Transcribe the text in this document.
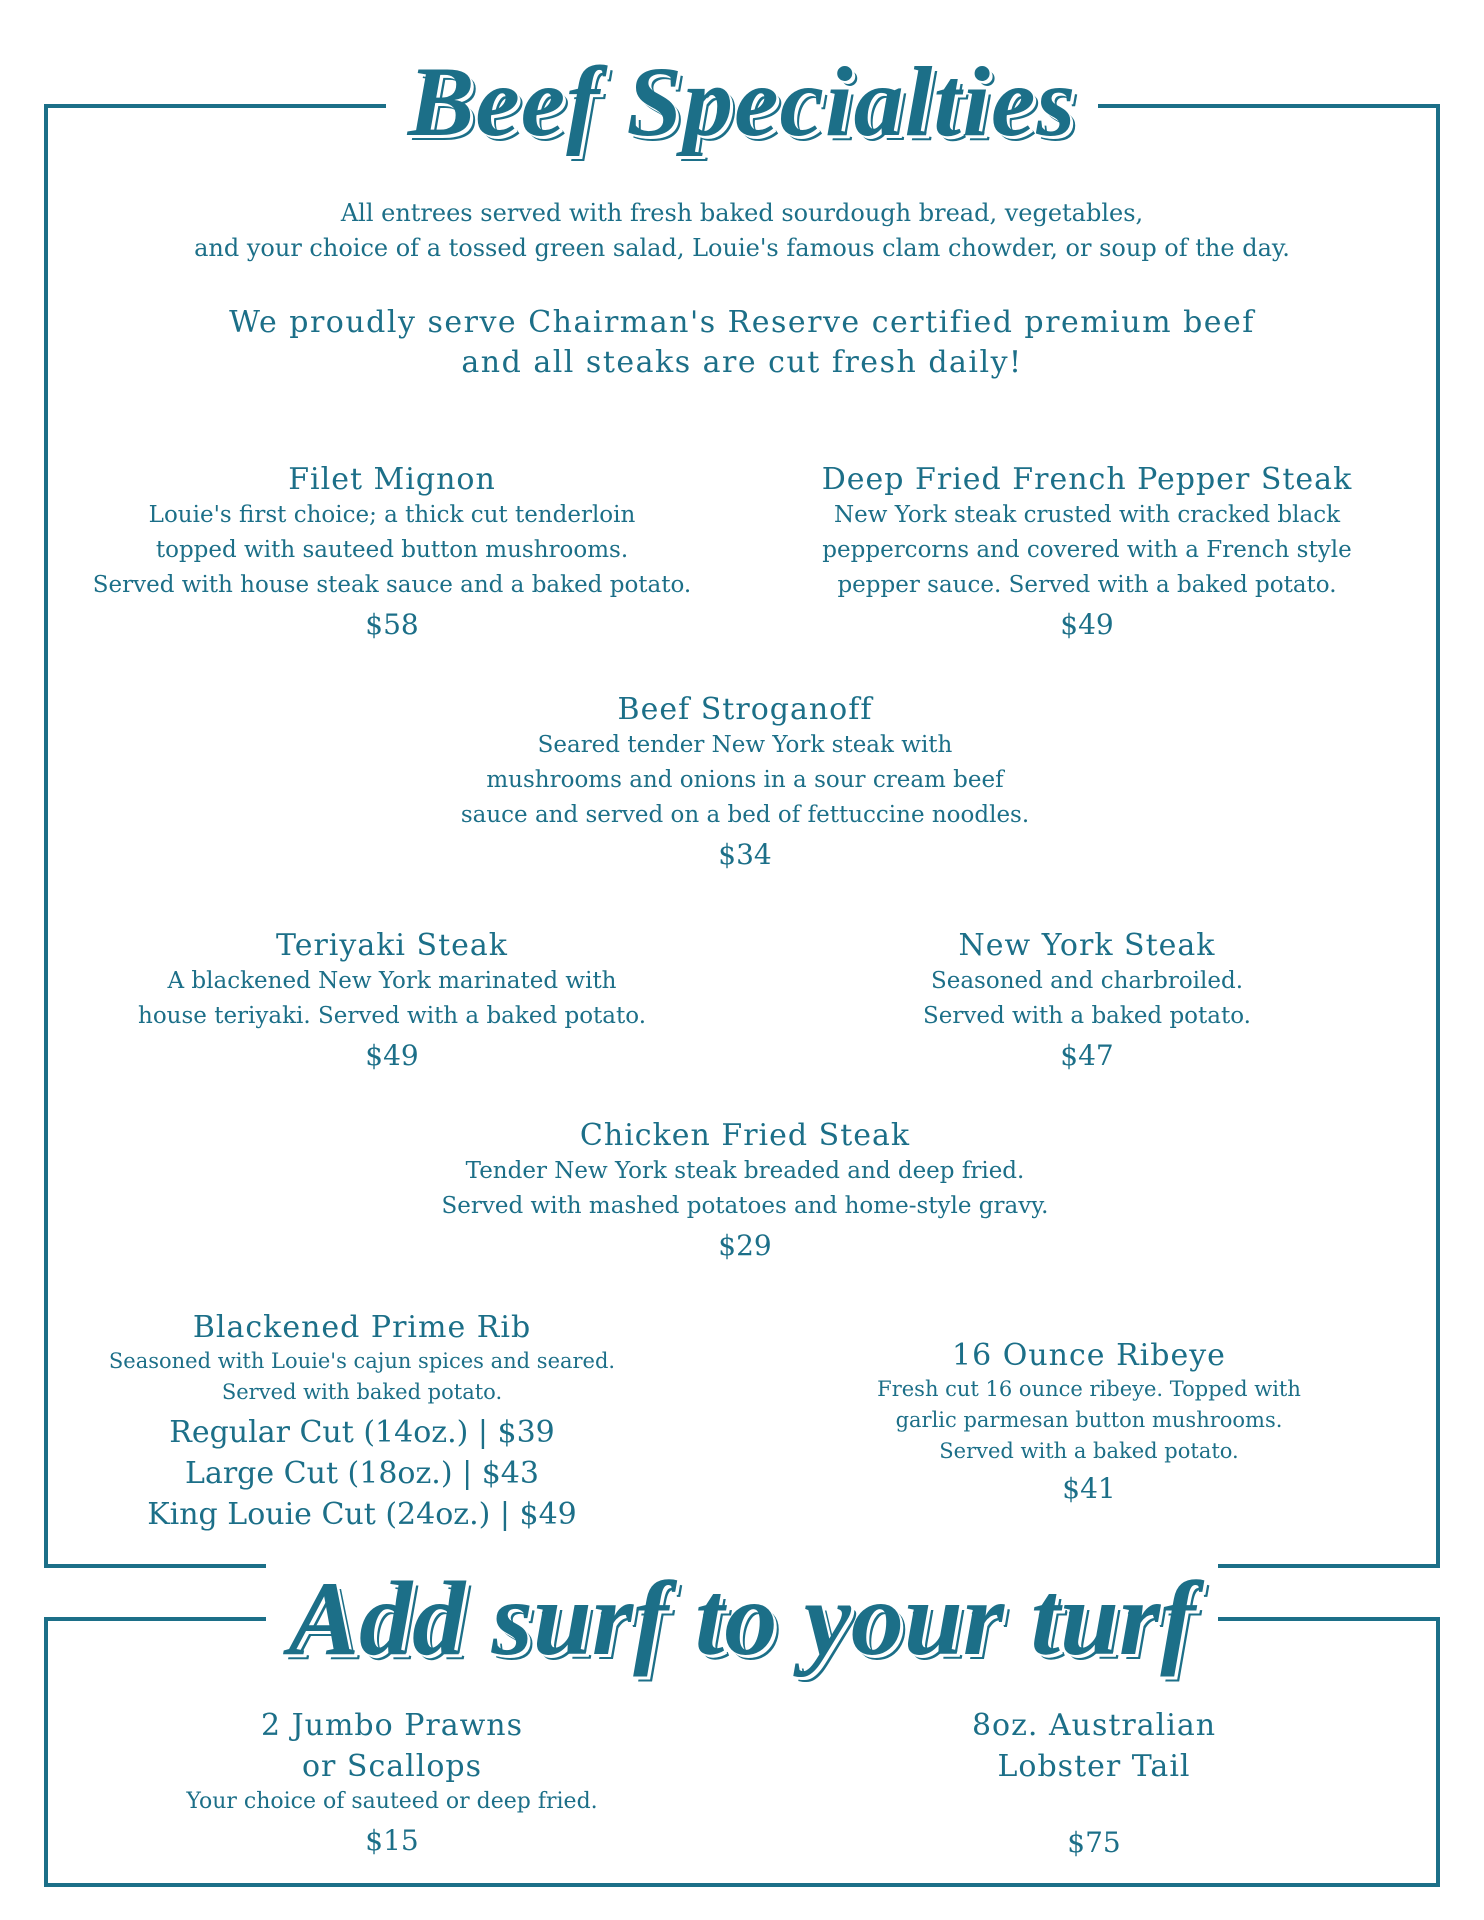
Beef Specialties
All entrees served with fresh baked sourdough bread, vegetables,
and your choice of a tossed green salad, Louie's famous clam chowder, or soup of the day.
We proudly serve Chairman's Reserve certified premium beef
and all steaks are cut fresh daily!
Filet Mignon
Louie's first choice; a thick cut tenderloin
topped with sauteed button mushrooms.
Served with house steak sauce and a baked potato.
$58
Deep Fried French Pepper Steak
New York steak crusted with cracked black
peppercorns and covered with a French style
pepper sauce. Served with a baked potato.
$49
Beef Stroganoff
Seared tender New York steak with
mushrooms and onions in a sour cream beef
sauce and served on a bed of fettuccine noodles.
$34
Teriyaki Steak
A blackened New York marinated with
house teriyaki. Served with a baked potato.
$49
New York Steak
Seasoned and charbroiled.
Served with a baked potato.
$47
Chicken Fried Steak
Tender New York steak breaded and deep fried.
Served with mashed potatoes and home-style gravy.
$29
Blackened Prime Rib
Seasoned with Louie's cajun spices and seared.
Served with baked potato.
Regular Cut (14oz.) | $39
Large Cut (18oz.) | $43
King Louie Cut (24oz.) | $49
16 Ounce Ribeye
Fresh cut 16 ounce ribeye. Topped with
garlic parmesan button mushrooms.
Served with a baked potato.
$41
Add surf to your turf
2 Jumbo Prawns
or Scallops
Your choice of sauteed or deep fried.
$15
8oz. Australian
Lobster Tail
$75
